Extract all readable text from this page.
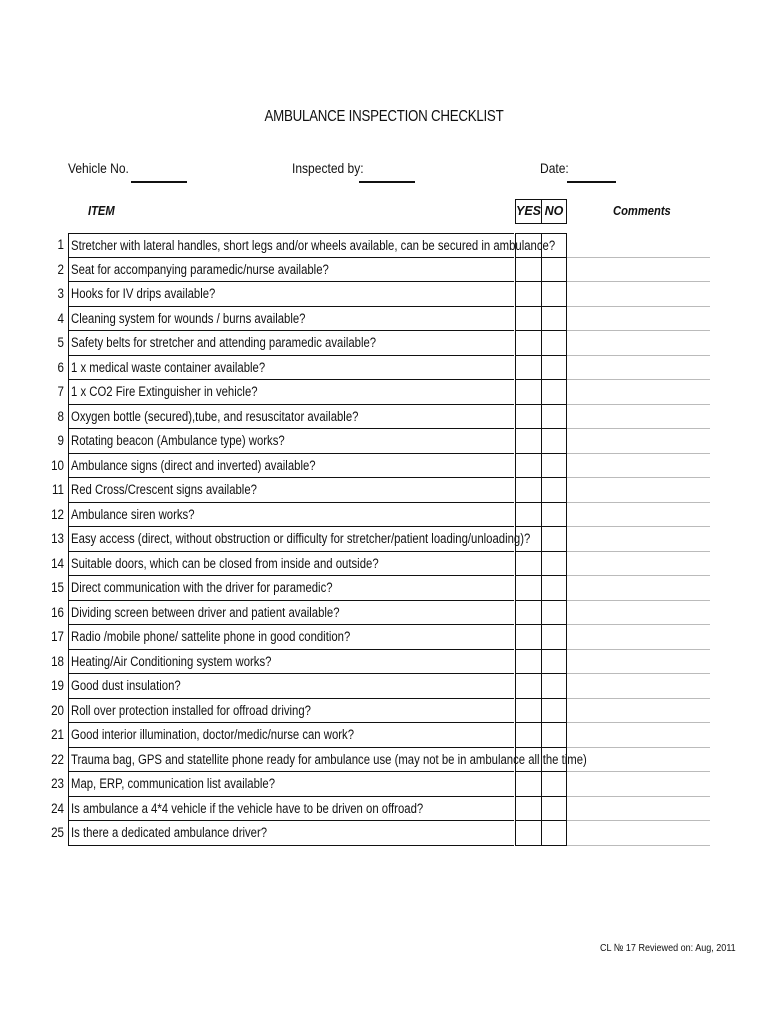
AMBULANCE INSPECTION CHECKLIST
Vehicle No.	Inspected by:	Date:
ITEM	YES NO	Comments
1 Stretcher with lateral handles, short legs and/or wheels available, can be secured in ambulance?
2 Seat for accompanying paramedic/nurse available?
3 Hooks for IV drips available?
4 Cleaning system for wounds / burns available?
5 Safety belts for stretcher and attending paramedic available?
6 1 x medical waste container available?
7 1 x CO2 Fire Extinguisher in vehicle?
8 Oxygen bottle (secured),tube, and resuscitator available?
9 Rotating beacon (Ambulance type) works?
10 Ambulance signs (direct and inverted) available?
11 Red Cross/Crescent signs available?
12 Ambulance siren works?
13 Easy access (direct, without obstruction or difficulty for stretcher/patient loading/unloading)?
14 Suitable doors, which can be closed from inside and outside?
15 Direct communication with the driver for paramedic?
16 Dividing screen between driver and patient available?
17 Radio /mobile phone/ sattelite phone in good condition?
18 Heating/Air Conditioning system works?
19 Good dust insulation?
20 Roll over protection installed for offroad driving?
21 Good interior illumination, doctor/medic/nurse can work?
22 Trauma bag, GPS and statellite phone ready for ambulance use (may not be in ambulance all the time)
23 Map, ERP, communication list available?
24 Is ambulance a 4*4 vehicle if the vehicle have to be driven on offroad?
25 Is there a dedicated ambulance driver?
CL № 17 Reviewed on: Aug, 2011
